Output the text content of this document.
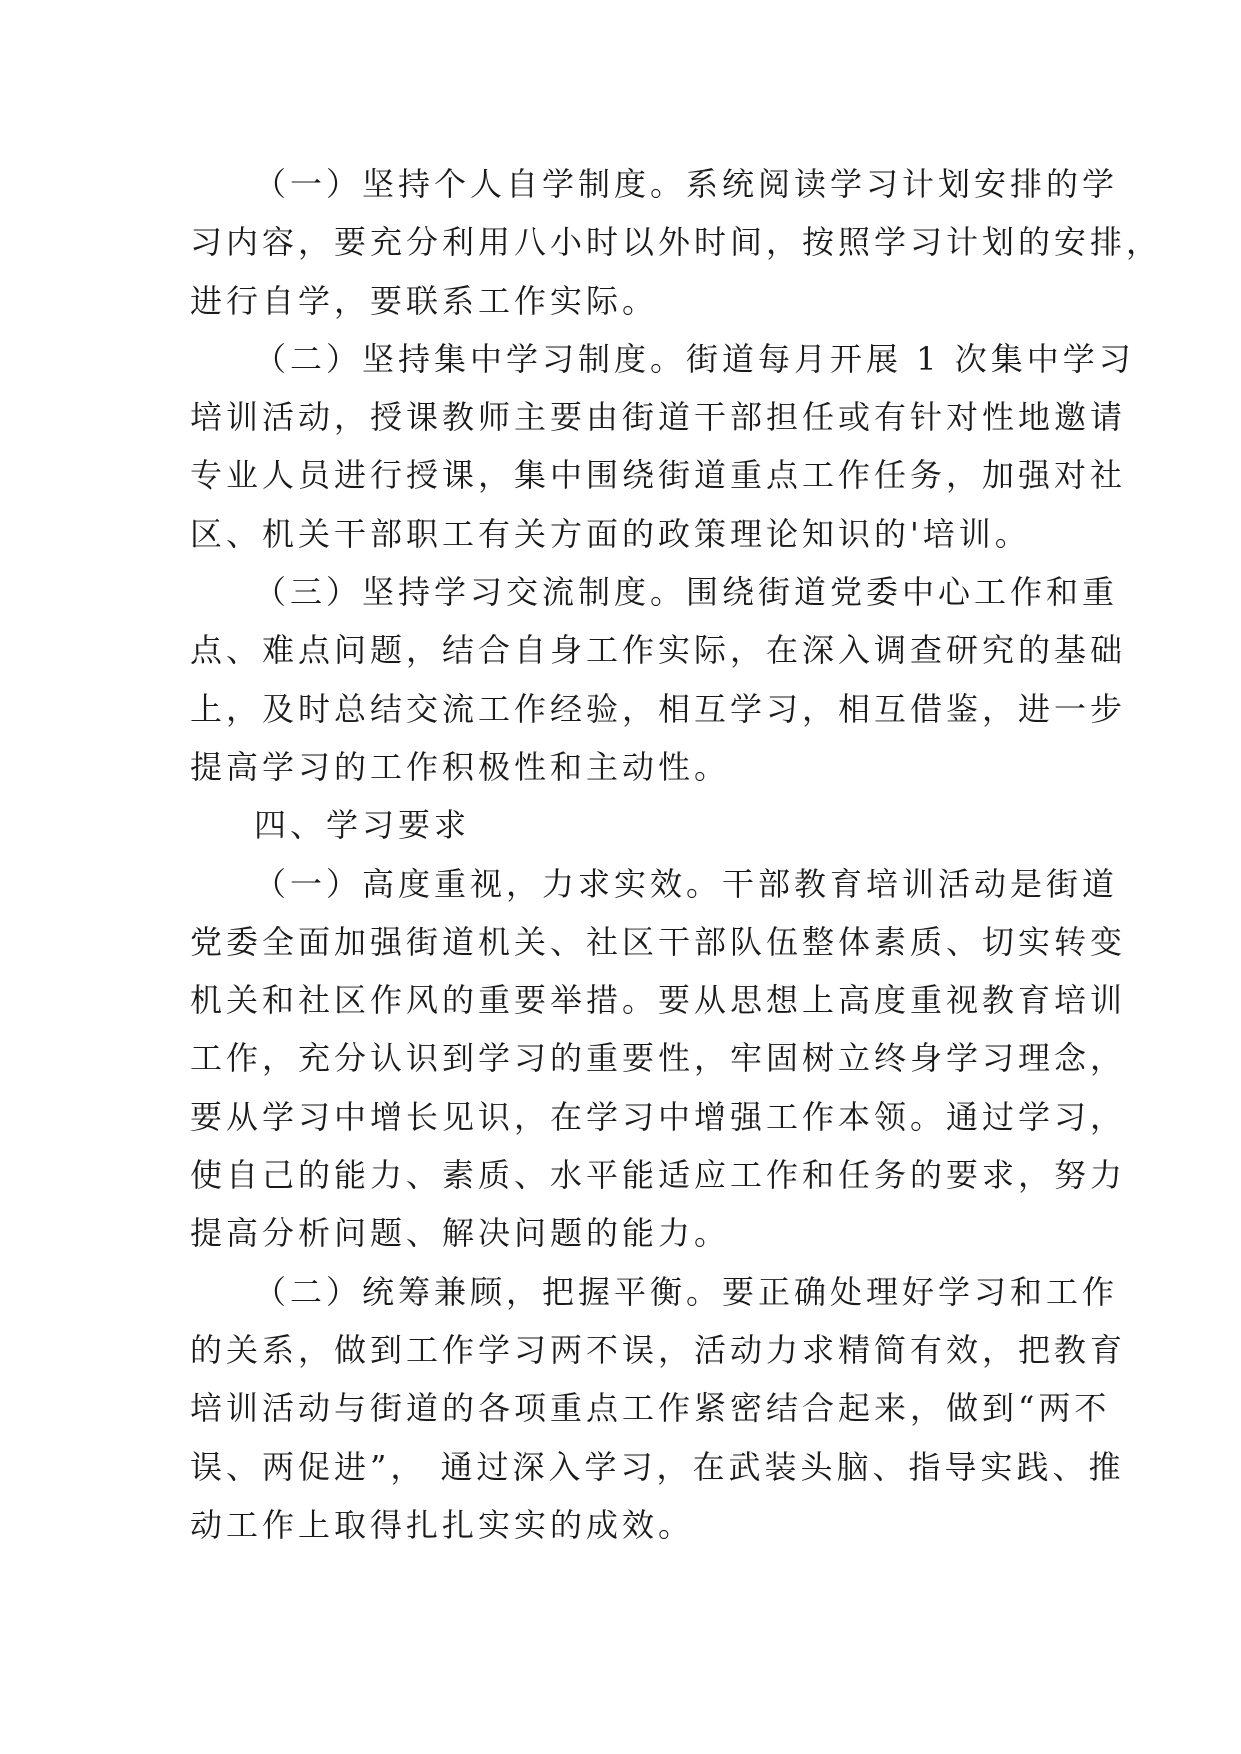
（一）坚持个人自学制度。系统阅读学习计划安排的学
习内容，要充分利用八小时以外时间，按照学习计划的安排，
进行自学，要联系工作实际。
（二）坚持集中学习制度。街道每月开展 1 次集中学习
培训活动，授课教师主要由街道干部担任或有针对性地邀请
专业人员进行授课，集中围绕街道重点工作任务，加强对社
区、机关干部职工有关方面的政策理论知识的'培训。
（三）坚持学习交流制度。围绕街道党委中心工作和重
点、难点问题，结合自身工作实际，在深入调查研究的基础
上，及时总结交流工作经验，相互学习，相互借鉴，进一步
提高学习的工作积极性和主动性。
四、学习要求
（一）高度重视，力求实效。干部教育培训活动是街道
党委全面加强街道机关、社区干部队伍整体素质、切实转变
机关和社区作风的重要举措。要从思想上高度重视教育培训
工作，充分认识到学习的重要性，牢固树立终身学习理念，
要从学习中增长见识，在学习中增强工作本领。通过学习，
使自己的能力、素质、水平能适应工作和任务的要求，努力
提高分析问题、解决问题的能力。
（二）统筹兼顾，把握平衡。要正确处理好学习和工作
的关系，做到工作学习两不误，活动力求精简有效，把教育
培训活动与街道的各项重点工作紧密结合起来，做到“两不
误、两促进”， 通过深入学习，在武装头脑、指导实践、推
动工作上取得扎扎实实的成效。
